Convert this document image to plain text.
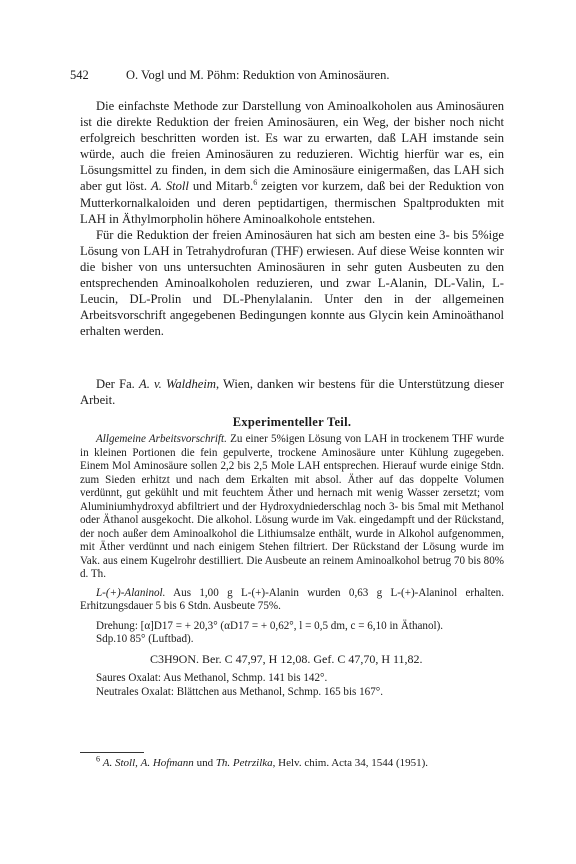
542	O. Vogl und M. Pöhm: Reduktion von Aminosäuren.

Die einfachste Methode zur Darstellung von Aminoalkoholen aus Aminosäuren ist die direkte Reduktion der freien Aminosäuren, ein Weg, der bisher noch nicht erfolgreich beschritten worden ist. Es war zu erwarten, daß LAH imstande sein würde, auch die freien Aminosäuren zu reduzieren. Wichtig hierfür war es, ein Lösungsmittel zu finden, in dem sich die Aminosäure einigermaßen, das LAH sich aber gut löst. A. Stoll und Mitarb.$^6$ zeigten vor kurzem, daß bei der Reduktion von Mutterkornalkaloiden und deren peptidartigen, thermischen Spaltprodukten mit LAH in Äthylmorpholin höhere Aminoalkohole entstehen.

Für die Reduktion der freien Aminosäuren hat sich am besten eine 3- bis 5%ige Lösung von LAH in Tetrahydrofuran (THF) erwiesen. Auf diese Weise konnten wir die bisher von uns untersuchten Aminosäuren in sehr guten Ausbeuten zu den entsprechenden Aminoalkoholen reduzieren, und zwar L-Alanin, DL-Valin, L-Leucin, DL-Prolin und DL-Phenylalanin. Unter den in der allgemeinen Arbeitsvorschrift angegebenen Bedingungen konnte aus Glycin kein Aminoäthanol erhalten werden.

Der Fa. A. v. Waldheim, Wien, danken wir bestens für die Unterstützung dieser Arbeit.

Experimenteller Teil.

Allgemeine Arbeitsvorschrift. Zu einer 5%igen Lösung von LAH in trockenem THF wurde in kleinen Portionen die fein gepulverte, trockene Aminosäure unter Kühlung zugegeben. Einem Mol Aminosäure sollen 2,2 bis 2,5 Mole LAH entsprechen. Hierauf wurde einige Stdn. zum Sieden erhitzt und nach dem Erkalten mit absol. Äther auf das doppelte Volumen verdünnt, gut gekühlt und mit feuchtem Äther und hernach mit wenig Wasser zersetzt; vom Aluminiumhydroxyd abfiltriert und der Hydroxydniederschlag noch 3- bis 5mal mit Methanol oder Äthanol ausgekocht. Die alkohol. Lösung wurde im Vak. eingedampft und der Rückstand, der noch außer dem Aminoalkohol die Lithiumsalze enthält, wurde in Alkohol aufgenommen, mit Äther verdünnt und nach einigem Stehen filtriert. Der Rückstand der Lösung wurde im Vak. aus einem Kugelrohr destilliert. Die Ausbeute an reinem Aminoalkohol betrug 70 bis 80% d. Th.

L-(+)-Alaninol. Aus 1,00 g L-(+)-Alanin wurden 0,63 g L-(+)-Alaninol erhalten. Erhitzungsdauer 5 bis 6 Stdn. Ausbeute 75%.

Drehung: [α]D17 = + 20,3° (αD17 = + 0,62°, l = 0,5 dm, c = 6,10 in Äthanol).

Sdp.10 85° (Luftbad).

C3H9ON. Ber. C 47,97, H 12,08. Gef. C 47,70, H 11,82.

Saures Oxalat: Aus Methanol, Schmp. 141 bis 142°.

Neutrales Oxalat: Blättchen aus Methanol, Schmp. 165 bis 167°.

$^6$ A. Stoll, A. Hofmann und Th. Petrzilka, Helv. chim. Acta 34, 1544 (1951).
